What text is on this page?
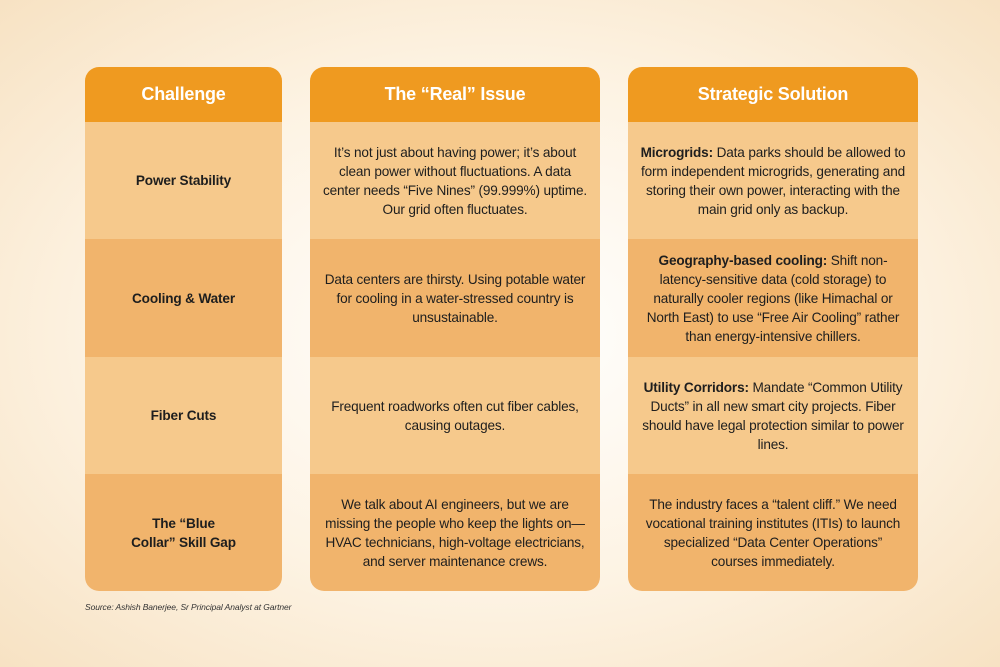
Challenge
Power Stability
Cooling & Water
Fiber Cuts
The “Blue Collar” Skill Gap
The “Real” Issue
It’s not just about having power; it’s about clean power without fluctuations. A data center needs “Five Nines” (99.999%) uptime. Our grid often fluctuates.
Data centers are thirsty. Using potable water for cooling in a water-stressed country is unsustainable.
Frequent roadworks often cut fiber cables, causing outages.
We talk about AI engineers, but we are missing the people who keep the lights on—HVAC technicians, high-voltage electricians, and server maintenance crews.
Strategic Solution
Microgrids: Data parks should be allowed to form independent microgrids, generating and storing their own power, interacting with the main grid only as backup.
Geography-based cooling: Shift non-latency-sensitive data (cold storage) to naturally cooler regions (like Himachal or North East) to use “Free Air Cooling” rather than energy-intensive chillers.
Utility Corridors: Mandate “Common Utility Ducts” in all new smart city projects. Fiber should have legal protection similar to power lines.
The industry faces a “talent cliff.” We need vocational training institutes (ITIs) to launch specialized “Data Center Operations” courses immediately.
Source: Ashish Banerjee, Sr Principal Analyst at Gartner
